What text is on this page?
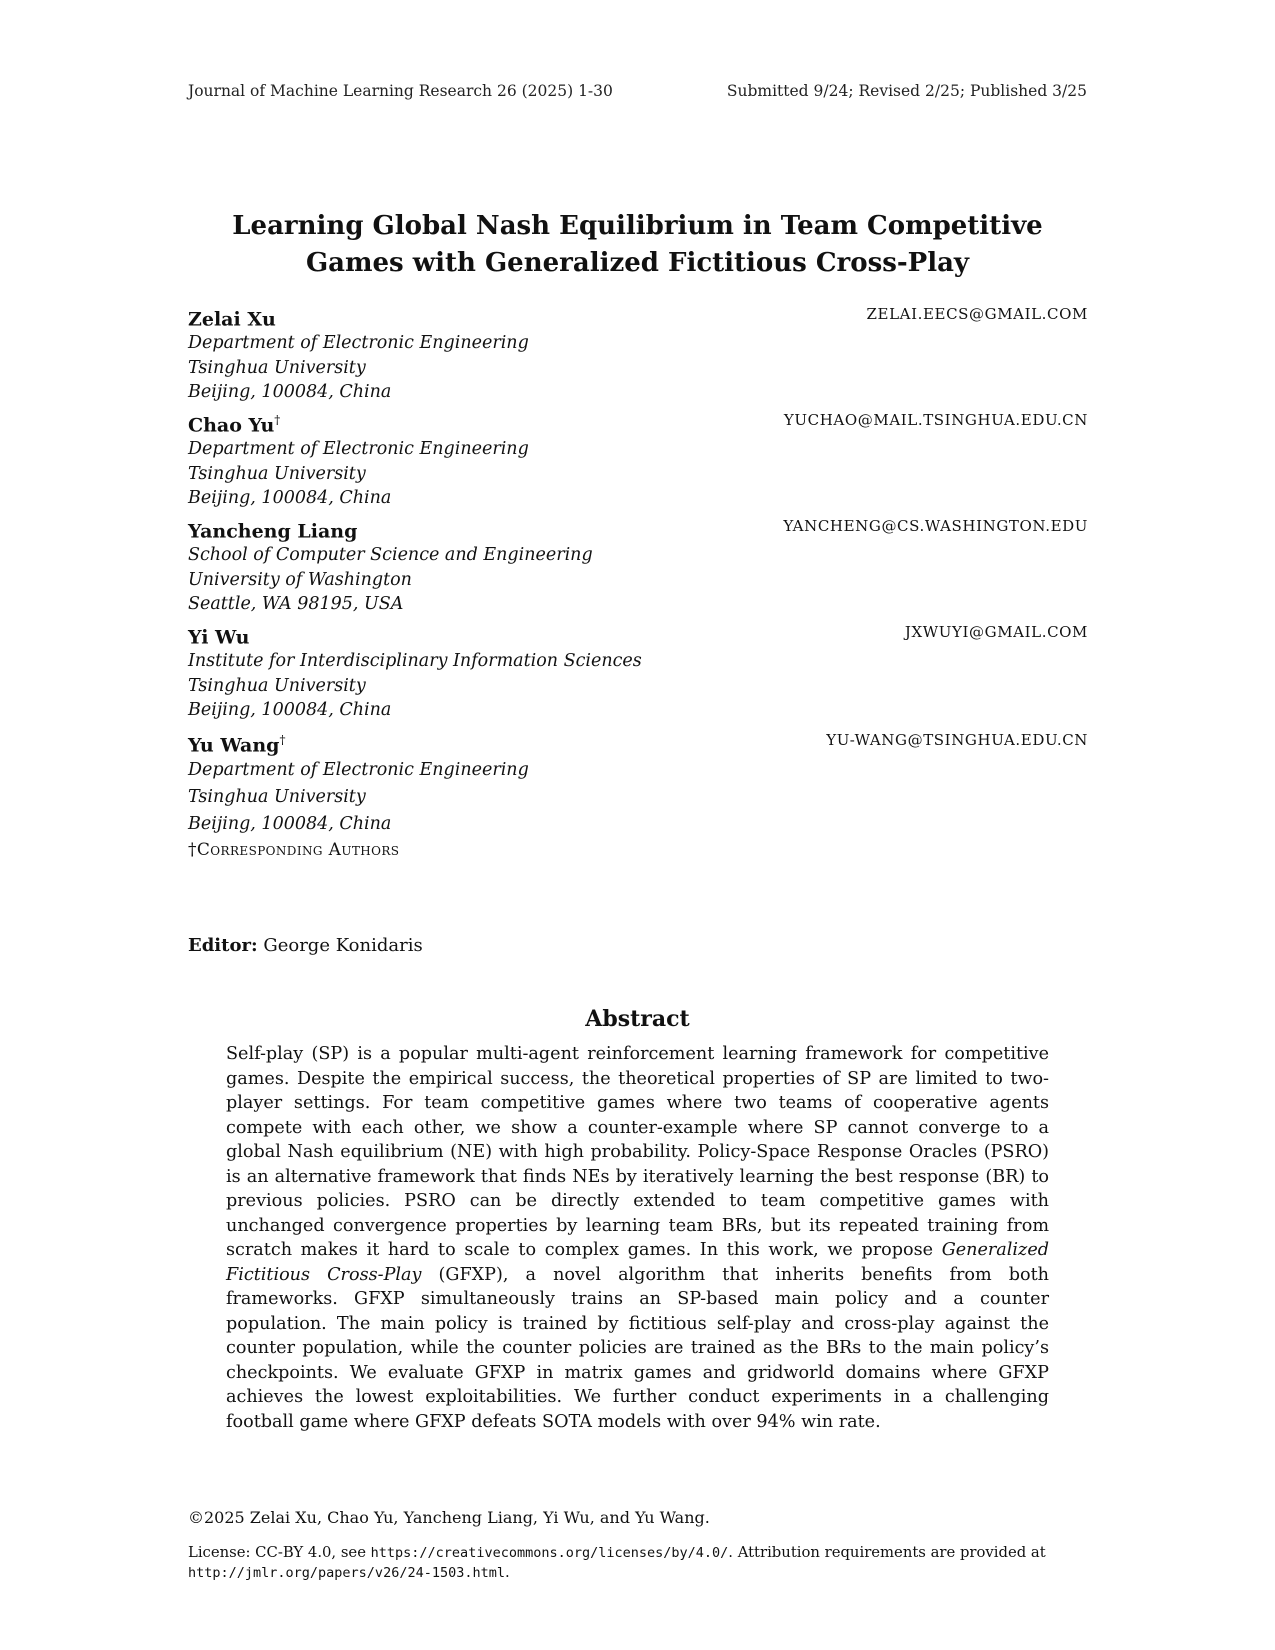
Journal of Machine Learning Research 26 (2025) 1-30	Submitted 9/24; Revised 2/25; Published 3/25
Learning Global Nash Equilibrium in Team Competitive
Games with Generalized Fictitious Cross-Play
Zelai Xu	ZELAI.EECS@GMAIL.COM
Department of Electronic Engineering
Tsinghua University
Beijing, 100084, China
Chao Yu†	YUCHAO@MAIL.TSINGHUA.EDU.CN
Department of Electronic Engineering
Tsinghua University
Beijing, 100084, China
Yancheng Liang	YANCHENG@CS.WASHINGTON.EDU
School of Computer Science and Engineering
University of Washington
Seattle, WA 98195, USA
Yi Wu	JXWUYI@GMAIL.COM
Institute for Interdisciplinary Information Sciences
Tsinghua University
Beijing, 100084, China
Yu Wang†	YU-WANG@TSINGHUA.EDU.CN
Department of Electronic Engineering
Tsinghua University
Beijing, 100084, China
†Corresponding Authors
Editor: George Konidaris
Abstract
Self-play (SP) is a popular multi-agent reinforcement learning framework for competitive games. Despite the empirical success, the theoretical properties of SP are limited to two-player settings. For team competitive games where two teams of cooperative agents compete with each other, we show a counter-example where SP cannot converge to a global Nash equilibrium (NE) with high probability. Policy-Space Response Oracles (PSRO) is an alternative framework that finds NEs by iteratively learning the best response (BR) to previous policies. PSRO can be directly extended to team competitive games with unchanged convergence properties by learning team BRs, but its repeated training from scratch makes it hard to scale to complex games. In this work, we propose Generalized Fictitious Cross-Play (GFXP), a novel algorithm that inherits benefits from both frameworks. GFXP simultaneously trains an SP-based main policy and a counter population. The main policy is trained by fictitious self-play and cross-play against the counter population, while the counter policies are trained as the BRs to the main policy’s checkpoints. We evaluate GFXP in matrix games and gridworld domains where GFXP achieves the lowest exploitabilities. We further conduct experiments in a challenging football game where GFXP defeats SOTA models with over 94% win rate.
©2025 Zelai Xu, Chao Yu, Yancheng Liang, Yi Wu, and Yu Wang.
License: CC-BY 4.0, see https://creativecommons.org/licenses/by/4.0/. Attribution requirements are provided at http://jmlr.org/papers/v26/24-1503.html.
